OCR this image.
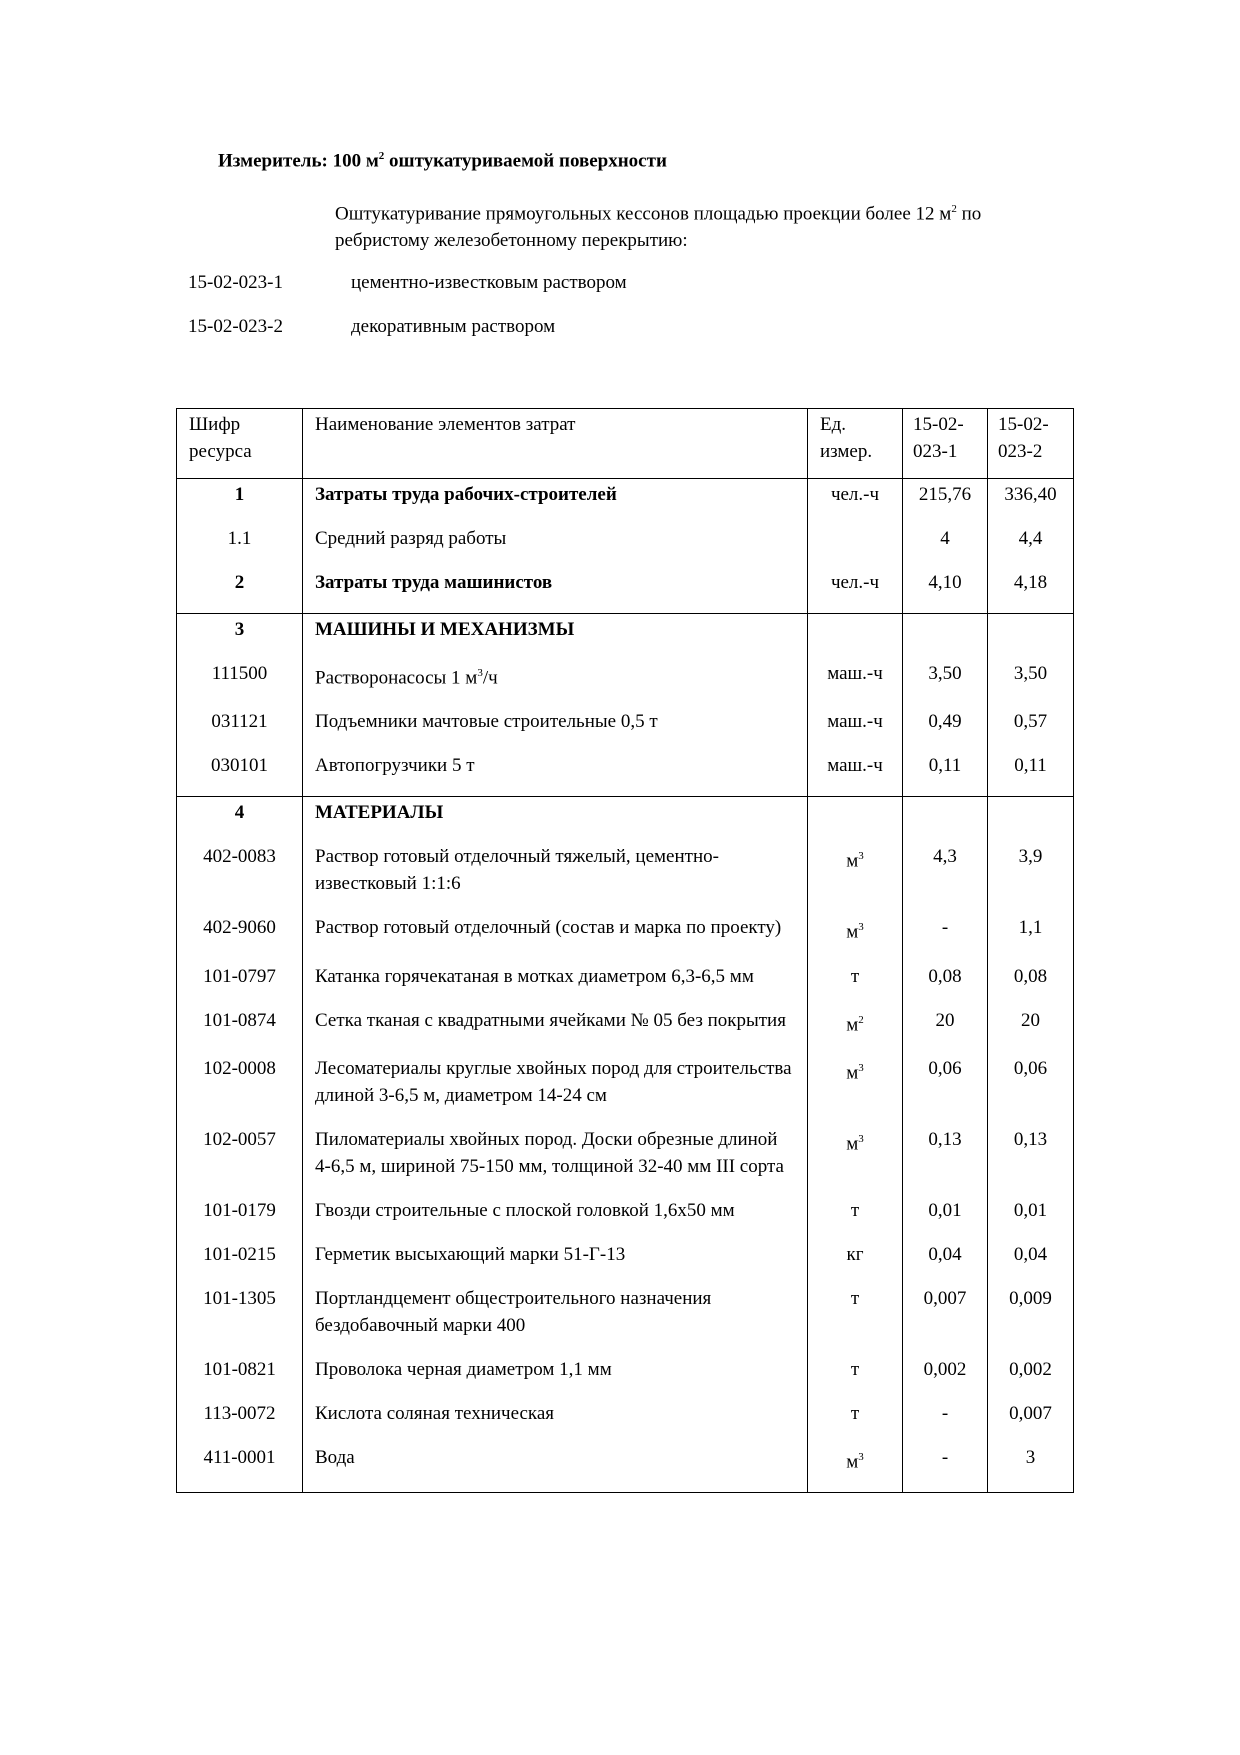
Измеритель: 100 $м^2$ оштукатуриваемой поверхности
Оштукатуривание прямоугольных кессонов площадью проекции более 12 $м^2$ по ребристому железобетонному перекрытию:
15-02-023-1	цементно-известковым раствором
15-02-023-2	декоративным раствором
Шифр ресурса	Наименование элементов затрат	Ед. измер.	15-02-023-1	15-02-023-2
1	Затраты труда рабочих-строителей	чел.-ч	215,76	336,40
1.1	Средний разряд работы		4	4,4
2	Затраты труда машинистов	чел.-ч	4,10	4,18
3	МАШИНЫ И МЕХАНИЗМЫ			
111500	Растворонасосы 1 $м^3/ч$	маш.-ч	3,50	3,50
031121	Подъемники мачтовые строительные 0,5 т	маш.-ч	0,49	0,57
030101	Автопогрузчики 5 т	маш.-ч	0,11	0,11
4	МАТЕРИАЛЫ			
402-0083	Раствор готовый отделочный тяжелый, цементно-известковый 1:1:6	$м^3$	4,3	3,9
402-9060	Раствор готовый отделочный (состав и марка по проекту)	$м^3$	-	1,1
101-0797	Катанка горячекатаная в мотках диаметром 6,3-6,5 мм	т	0,08	0,08
101-0874	Сетка тканая с квадратными ячейками № 05 без покрытия	$м^2$	20	20
102-0008	Лесоматериалы круглые хвойных пород для строительства длиной 3-6,5 м, диаметром 14-24 см	$м^3$	0,06	0,06
102-0057	Пиломатериалы хвойных пород. Доски обрезные длиной 4-6,5 м, шириной 75-150 мм, толщиной 32-40 мм III сорта	$м^3$	0,13	0,13
101-0179	Гвозди строительные с плоской головкой 1,6х50 мм	т	0,01	0,01
101-0215	Герметик высыхающий марки 51-Г-13	кг	0,04	0,04
101-1305	Портландцемент общестроительного назначения бездобавочный марки 400	т	0,007	0,009
101-0821	Проволока черная диаметром 1,1 мм	т	0,002	0,002
113-0072	Кислота соляная техническая	т	-	0,007
411-0001	Вода	$м^3$	-	3
